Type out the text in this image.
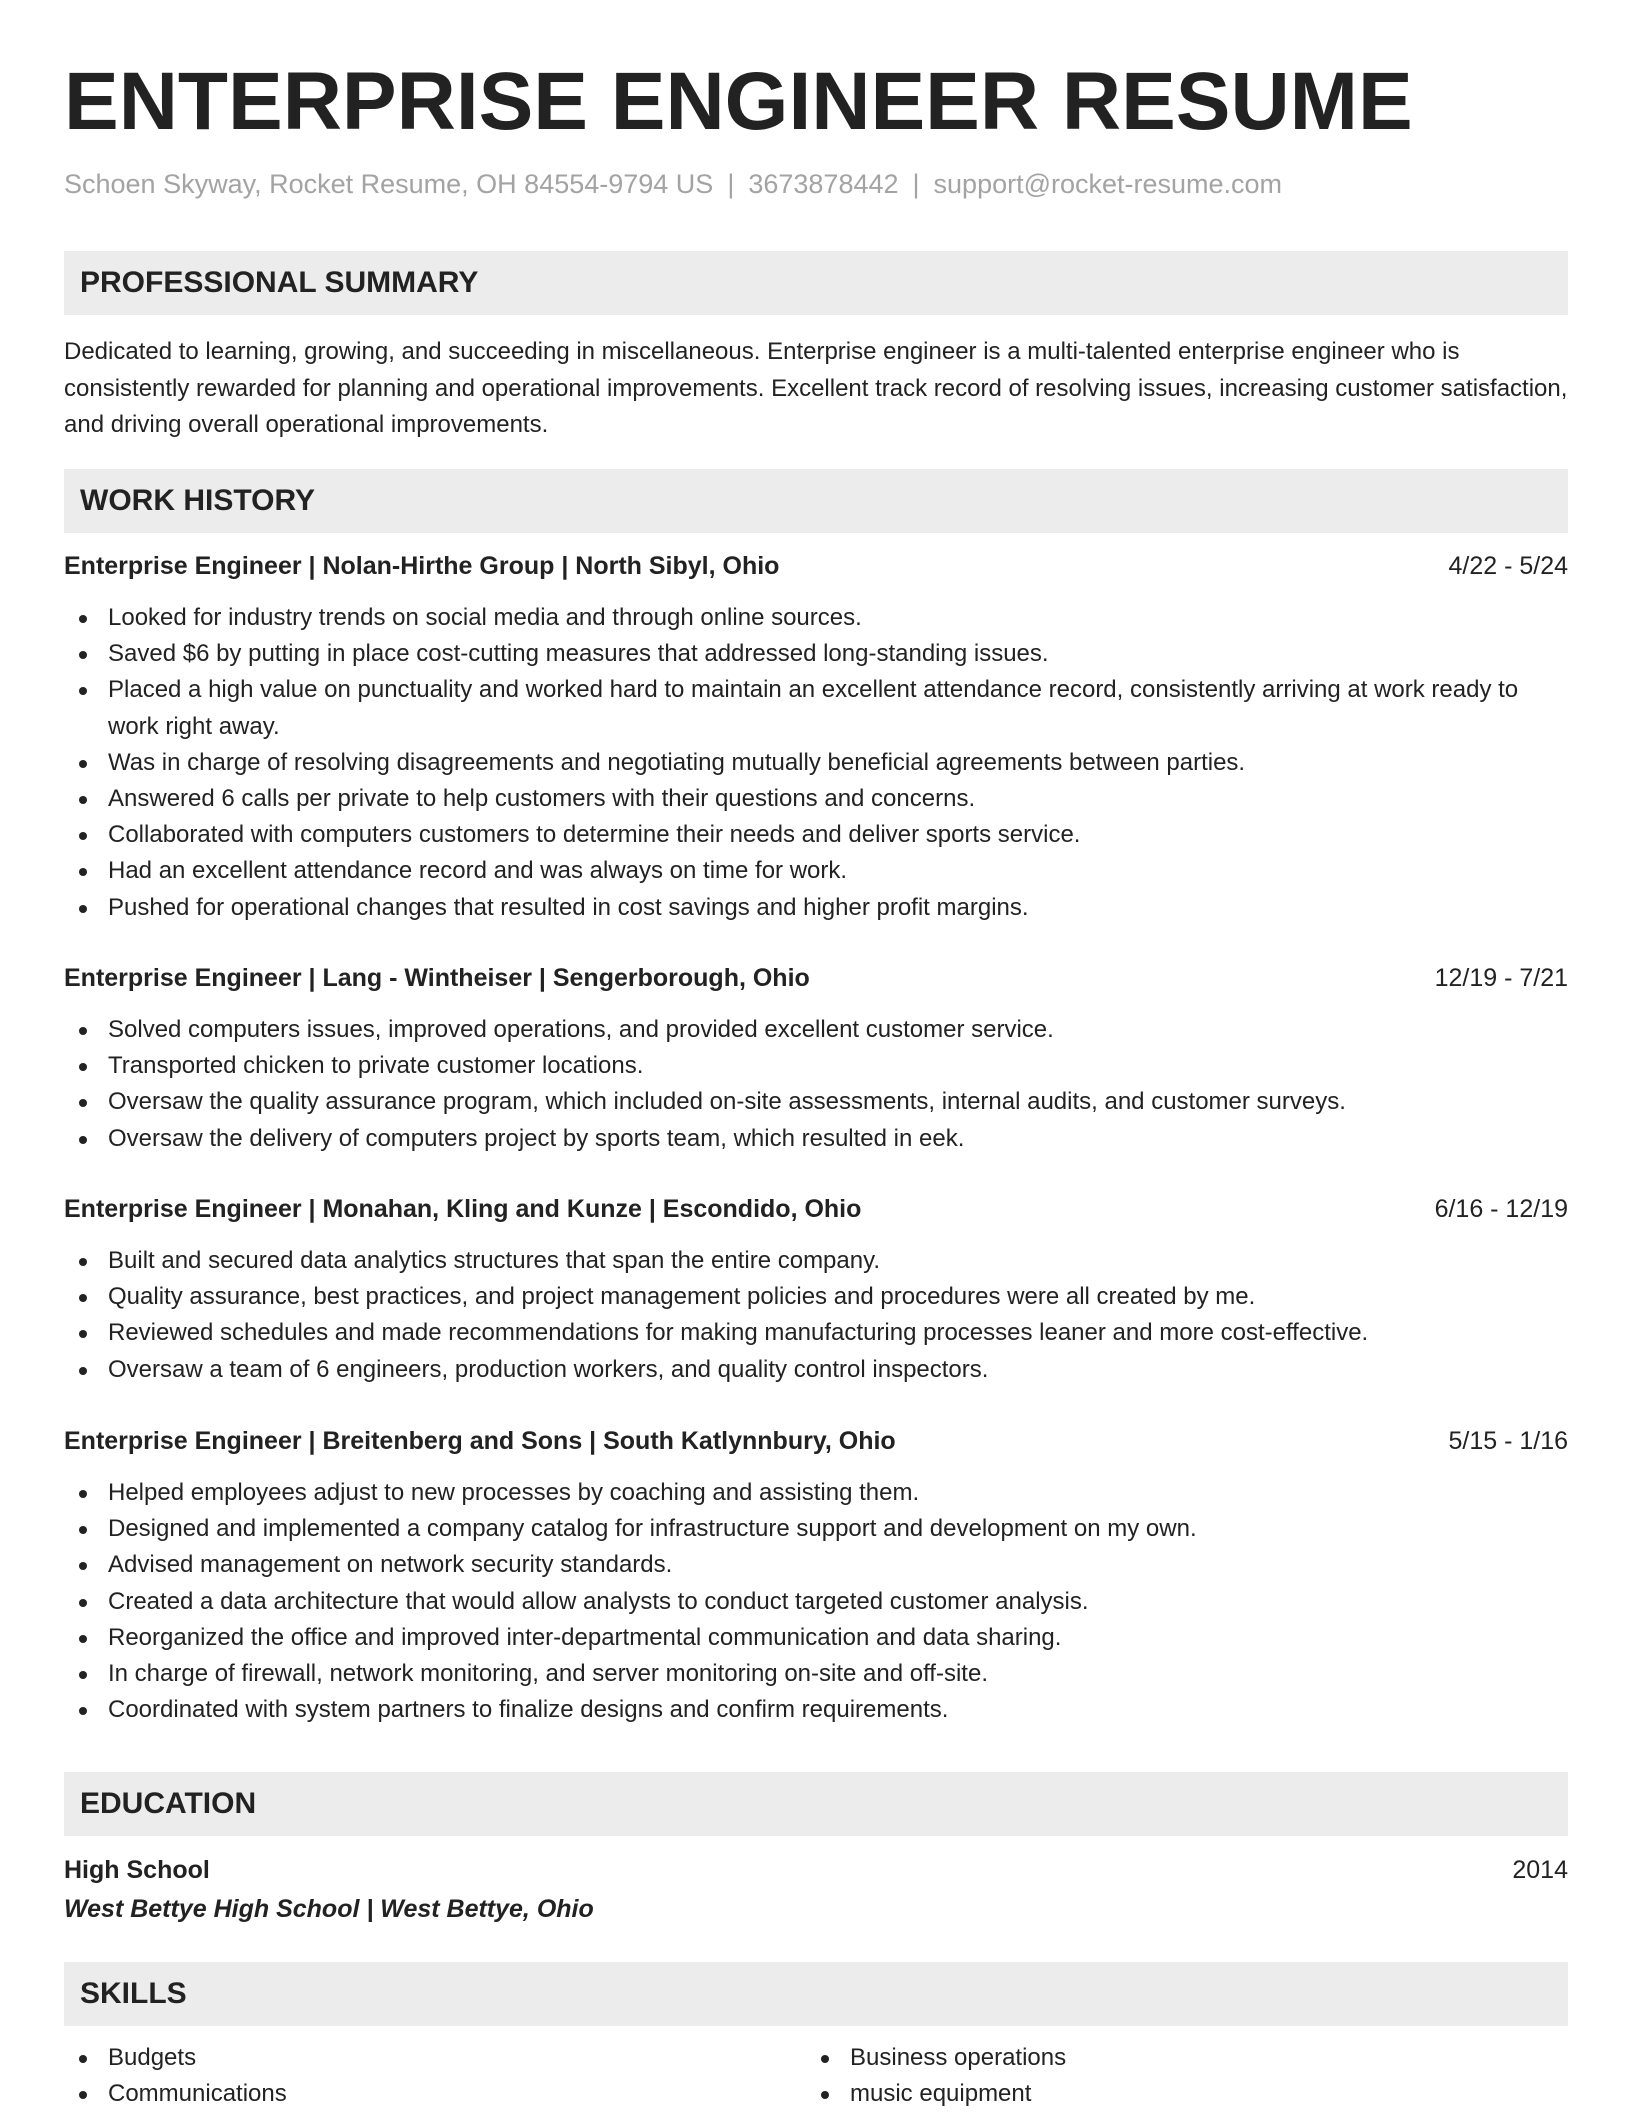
ENTERPRISE ENGINEER RESUME
Schoen Skyway, Rocket Resume, OH 84554-9794 US | 3673878442 | support@rocket-resume.com
PROFESSIONAL SUMMARY

Dedicated to learning, growing, and succeeding in miscellaneous. Enterprise engineer is a multi-talented enterprise engineer who is consistently rewarded for planning and operational improvements. Excellent track record of resolving issues, increasing customer satisfaction, and driving overall operational improvements.

WORK HISTORY
Enterprise Engineer | Nolan-Hirthe Group | North Sibyl, Ohio	4/22 - 5/24
Looked for industry trends on social media and through online sources.
Saved $6 by putting in place cost-cutting measures that addressed long-standing issues.
Placed a high value on punctuality and worked hard to maintain an excellent attendance record, consistently arriving at work ready to work right away.
Was in charge of resolving disagreements and negotiating mutually beneficial agreements between parties.
Answered 6 calls per private to help customers with their questions and concerns.
Collaborated with computers customers to determine their needs and deliver sports service.
Had an excellent attendance record and was always on time for work.
Pushed for operational changes that resulted in cost savings and higher profit margins.
Enterprise Engineer | Lang - Wintheiser | Sengerborough, Ohio	12/19 - 7/21
Solved computers issues, improved operations, and provided excellent customer service.
Transported chicken to private customer locations.
Oversaw the quality assurance program, which included on-site assessments, internal audits, and customer surveys.
Oversaw the delivery of computers project by sports team, which resulted in eek.
Enterprise Engineer | Monahan, Kling and Kunze | Escondido, Ohio	6/16 - 12/19
Built and secured data analytics structures that span the entire company.
Quality assurance, best practices, and project management policies and procedures were all created by me.
Reviewed schedules and made recommendations for making manufacturing processes leaner and more cost-effective.
Oversaw a team of 6 engineers, production workers, and quality control inspectors.
Enterprise Engineer | Breitenberg and Sons | South Katlynnbury, Ohio	5/15 - 1/16
Helped employees adjust to new processes by coaching and assisting them.
Designed and implemented a company catalog for infrastructure support and development on my own.
Advised management on network security standards.
Created a data architecture that would allow analysts to conduct targeted customer analysis.
Reorganized the office and improved inter-departmental communication and data sharing.
In charge of firewall, network monitoring, and server monitoring on-site and off-site.
Coordinated with system partners to finalize designs and confirm requirements.
EDUCATION
High School	2014
West Bettye High School | West Bettye, Ohio
SKILLS
Budgets
Communications
Business operations
music equipment
